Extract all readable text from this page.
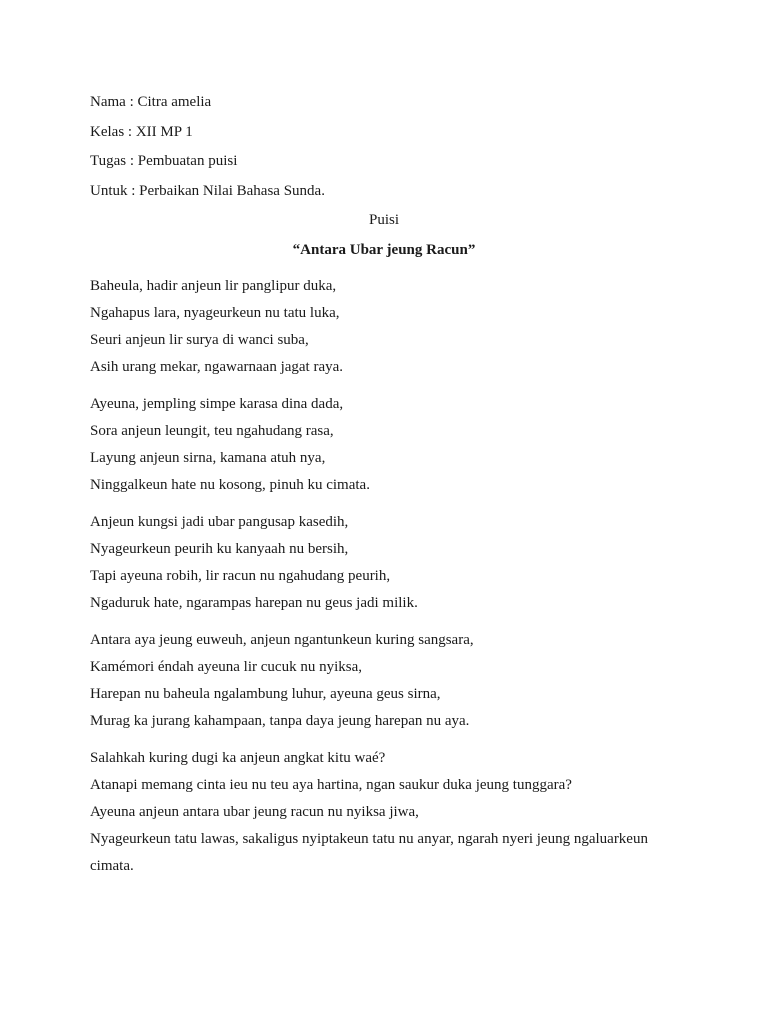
Nama : Citra amelia
Kelas : XII MP 1
Tugas : Pembuatan puisi
Untuk : Perbaikan Nilai Bahasa Sunda.
Puisi
“Antara Ubar jeung Racun”
Baheula, hadir anjeun lir panglipur duka,
Ngahapus lara, nyageurkeun nu tatu luka,
Seuri anjeun lir surya di wanci suba,
Asih urang mekar, ngawarnaan jagat raya.
Ayeuna, jempling simpe karasa dina dada,
Sora anjeun leungit, teu ngahudang rasa,
Layung anjeun sirna, kamana atuh nya,
Ninggalkeun hate nu kosong, pinuh ku cimata.
Anjeun kungsi jadi ubar pangusap kasedih,
Nyageurkeun peurih ku kanyaah nu bersih,
Tapi ayeuna robih, lir racun nu ngahudang peurih,
Ngaduruk hate, ngarampas harepan nu geus jadi milik.
Antara aya jeung euweuh, anjeun ngantunkeun kuring sangsara,
Kamémori éndah ayeuna lir cucuk nu nyiksa,
Harepan nu baheula ngalambung luhur, ayeuna geus sirna,
Murag ka jurang kahampaan, tanpa daya jeung harepan nu aya.
Salahkah kuring dugi ka anjeun angkat kitu waé?
Atanapi memang cinta ieu nu teu aya hartina, ngan saukur duka jeung tunggara?
Ayeuna anjeun antara ubar jeung racun nu nyiksa jiwa,
Nyageurkeun tatu lawas, sakaligus nyiptakeun tatu nu anyar, ngarah nyeri jeung ngaluarkeun cimata.
